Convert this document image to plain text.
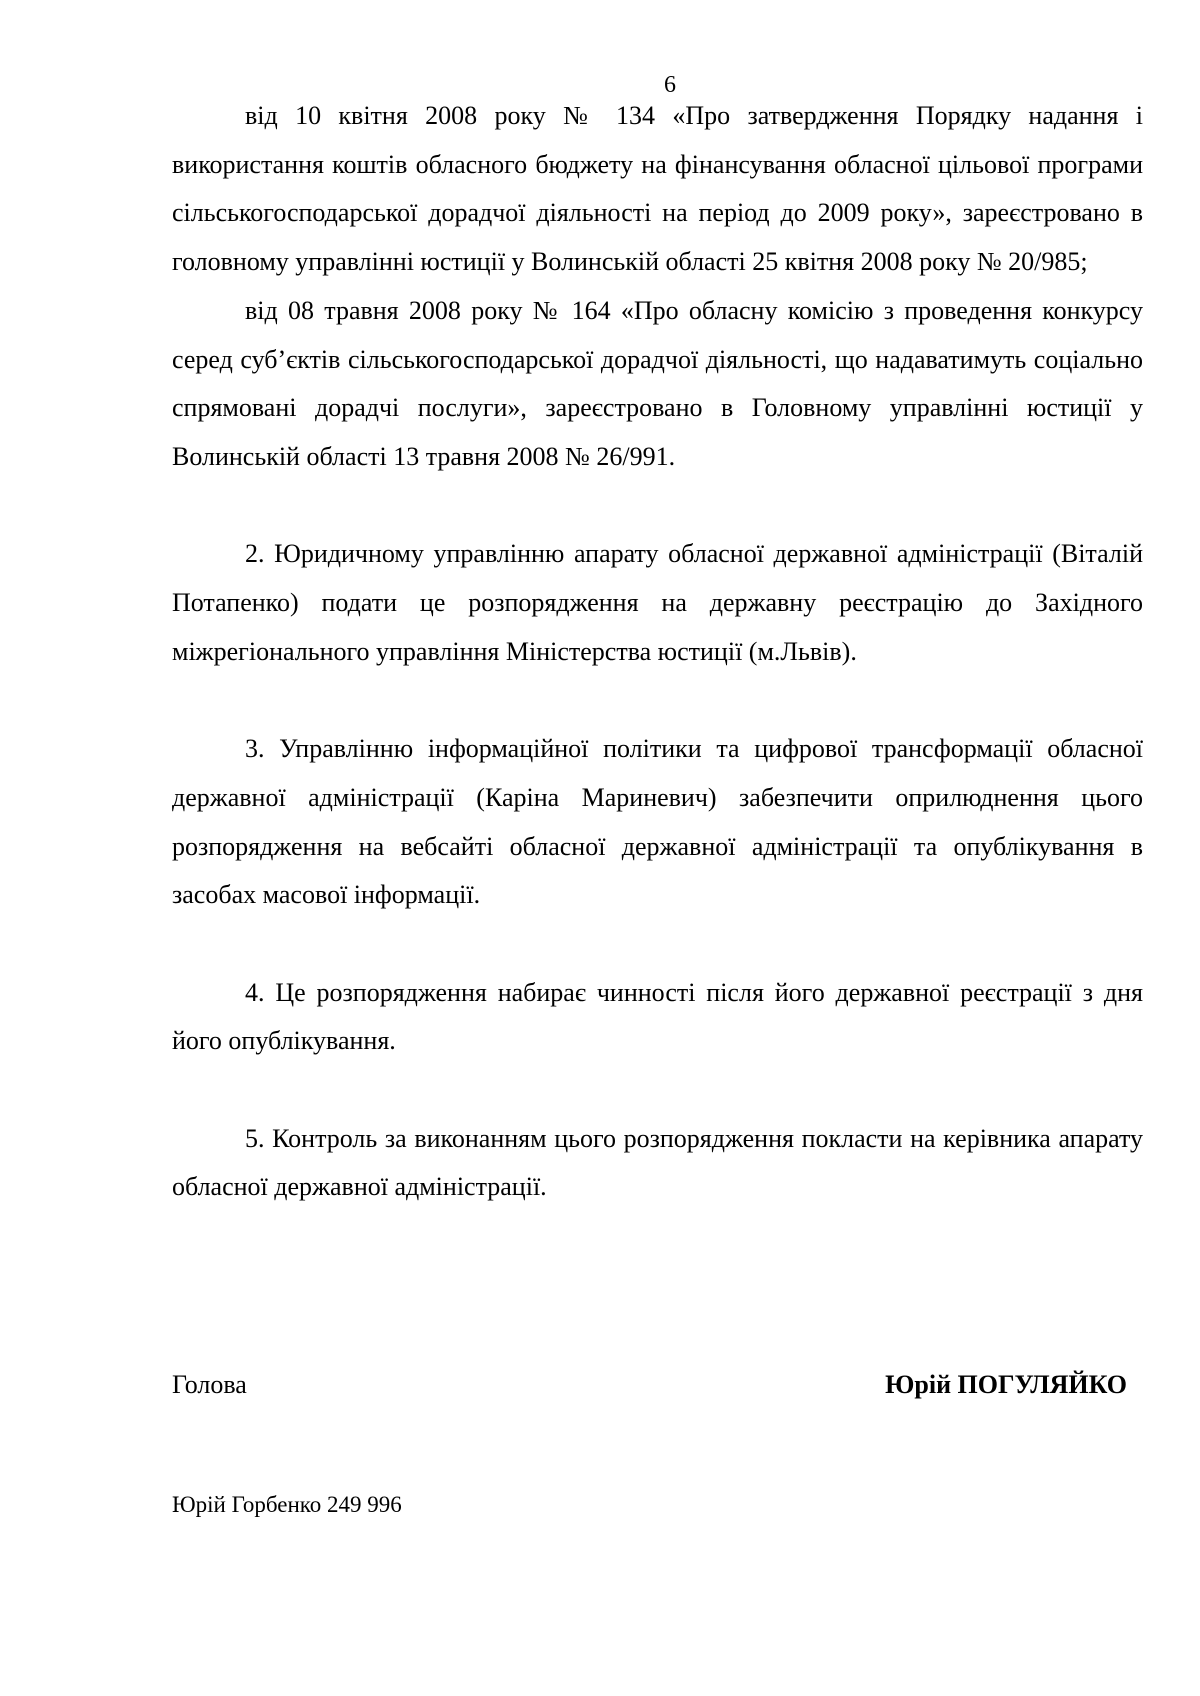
6

від 10 квітня 2008 року № 134 «Про затвердження Порядку надання і використання коштів обласного бюджету на фінансування обласної цільової програми сільськогосподарської дорадчої діяльності на період до 2009 року», зареєстровано в головному управлінні юстиції у Волинській області 25 квітня 2008 року № 20/985;

від 08 травня 2008 року № 164 «Про обласну комісію з проведення конкурсу серед суб’єктів сільськогосподарської дорадчої діяльності, що надаватимуть соціально спрямовані дорадчі послуги», зареєстровано в Головному управлінні юстиції у Волинській області 13 травня 2008 № 26/991.

2. Юридичному управлінню апарату обласної державної адміністрації (Віталій Потапенко) подати це розпорядження на державну реєстрацію до Західного міжрегіонального управління Міністерства юстиції (м.Львів).

3. Управлінню інформаційної політики та цифрової трансформації обласної державної адміністрації (Каріна Мариневич) забезпечити оприлюднення цього розпорядження на вебсайті обласної державної адміністрації та опублікування в засобах масової інформації.

4. Це розпорядження набирає чинності після його державної реєстрації з дня його опублікування.

5. Контроль за виконанням цього розпорядження покласти на керівника апарату обласної державної адміністрації.

Голова	Юрій ПОГУЛЯЙКО
Юрій Горбенко 249 996
